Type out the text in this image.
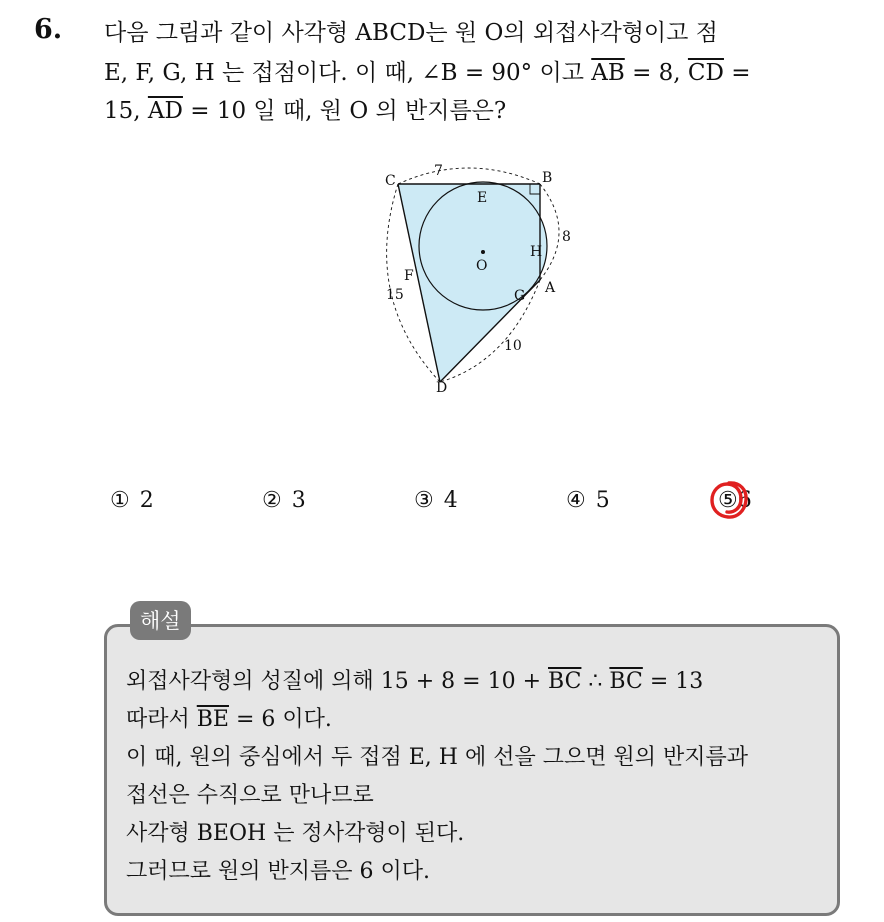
6. 다음 그림과 같이 사각형 ABCD는 원 O의 외접사각형이고 점
E, F, G, H 는 접점이다. 이 때, ∠B = 90° 이고 $\overline{AB} = 8$, $\overline{CD}$ =
15, $\overline{AD} = 10$ 일 때, 원 O 의 반지름은?
C	B
A
D
E
F
G
H
O
7
8
15
10
① 2	② 3	③ 4	④ 5	⑤6
해설
외접사각형의 성질에 의해 $15 + 8 = 10 + \overline{BC}$ ∴ $\overline{BC} = 13$
따라서 $\overline{BE} = 6$ 이다.
이 때, 원의 중심에서 두 접점 E, H 에 선을 그으면 원의 반지름과
접선은 수직으로 만나므로
사각형 BEOH 는 정사각형이 된다.
그러므로 원의 반지름은 6 이다.
